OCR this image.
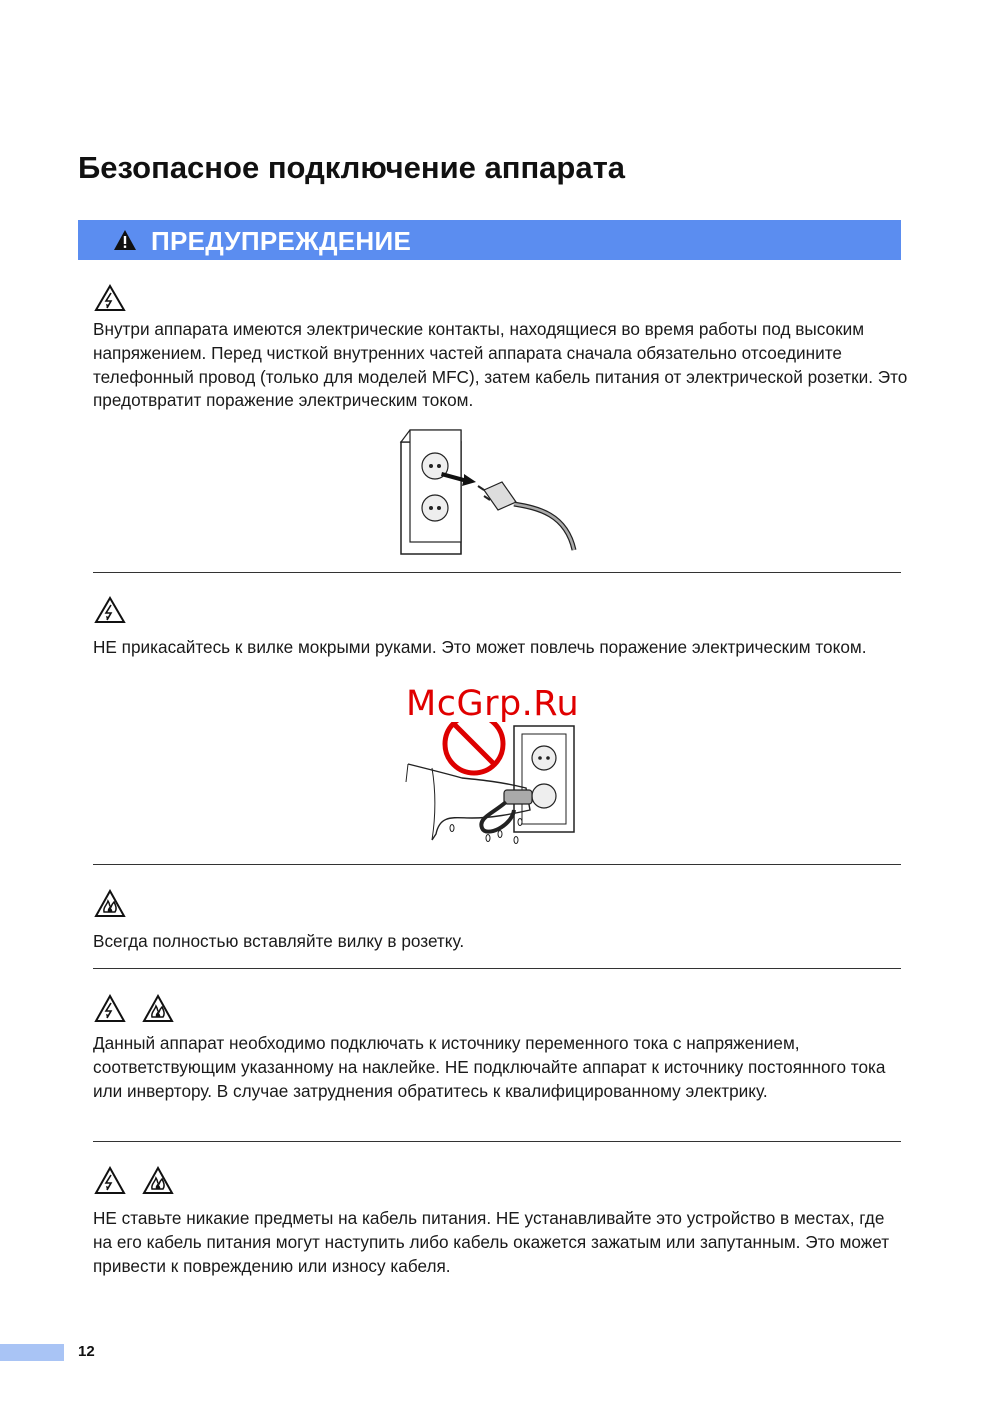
Безопасное подключение аппарата
ПРЕДУПРЕЖДЕНИЕ

Внутри аппарата имеются электрические контакты, находящиеся во время работы под высоким напряжением. Перед чисткой внутренних частей аппарата сначала обязательно отсоедините телефонный провод (только для моделей MFC), затем кабель питания от электрической розетки. Это предотвратит поражение электрическим током.

НЕ прикасайтесь к вилке мокрыми руками. Это может повлечь поражение электрическим током.

McGrp.Ru

Всегда полностью вставляйте вилку в розетку.

Данный аппарат необходимо подключать к источнику переменного тока с напряжением, соответствующим указанному на наклейке. НЕ подключайте аппарат к источнику постоянного тока или инвертору. В случае затруднения обратитесь к квалифицированному электрику.

НЕ ставьте никакие предметы на кабель питания. НЕ устанавливайте это устройство в местах, где на его кабель питания могут наступить либо кабель окажется зажатым или запутанным. Это может привести к повреждению или износу кабеля.

12
